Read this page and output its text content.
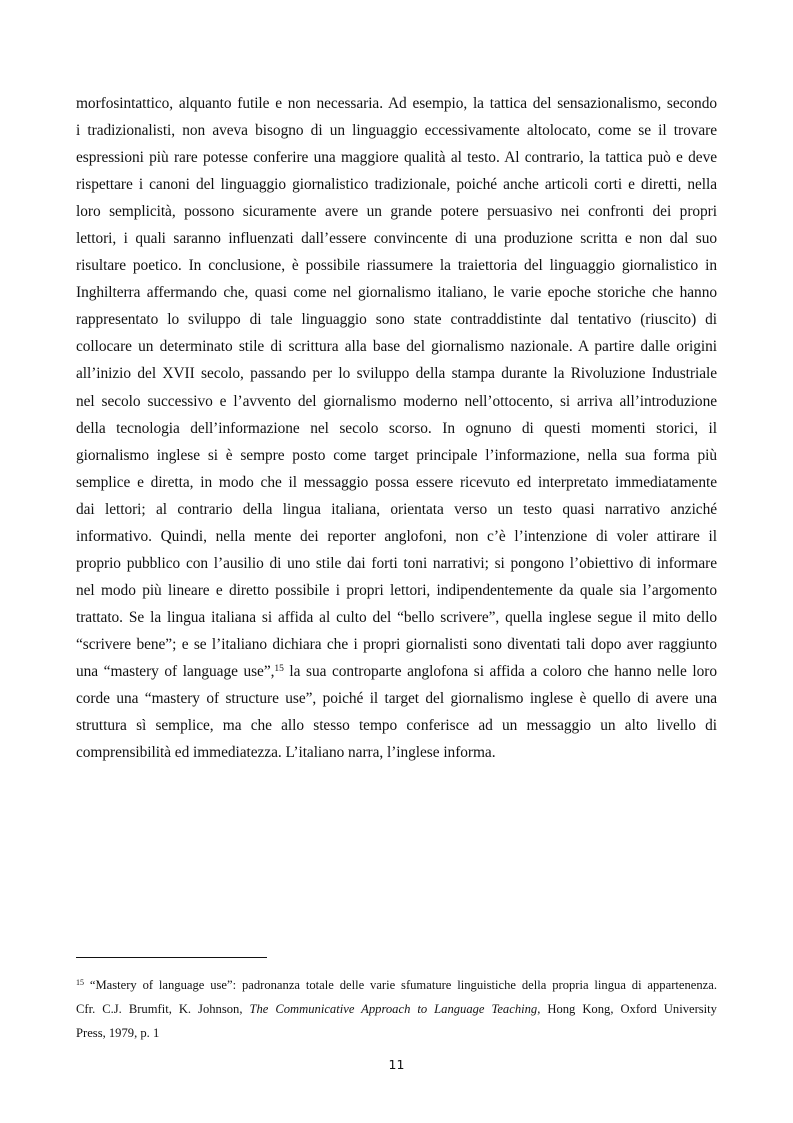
morfosintattico, alquanto futile e non necessaria. Ad esempio, la tattica del sensazionalismo, secondo
i tradizionalisti, non aveva bisogno di un linguaggio eccessivamente altolocato, come se il trovare
espressioni più rare potesse conferire una maggiore qualità al testo. Al contrario, la tattica può e deve
rispettare i canoni del linguaggio giornalistico tradizionale, poiché anche articoli corti e diretti, nella
loro semplicità, possono sicuramente avere un grande potere persuasivo nei confronti dei propri
lettori, i quali saranno influenzati dall’essere convincente di una produzione scritta e non dal suo
risultare poetico. In conclusione, è possibile riassumere la traiettoria del linguaggio giornalistico in
Inghilterra affermando che, quasi come nel giornalismo italiano, le varie epoche storiche che hanno
rappresentato lo sviluppo di tale linguaggio sono state contraddistinte dal tentativo (riuscito) di
collocare un determinato stile di scrittura alla base del giornalismo nazionale. A partire dalle origini
all’inizio del XVII secolo, passando per lo sviluppo della stampa durante la Rivoluzione Industriale
nel secolo successivo e l’avvento del giornalismo moderno nell’ottocento, si arriva all’introduzione
della tecnologia dell’informazione nel secolo scorso. In ognuno di questi momenti storici, il
giornalismo inglese si è sempre posto come target principale l’informazione, nella sua forma più
semplice e diretta, in modo che il messaggio possa essere ricevuto ed interpretato immediatamente
dai lettori; al contrario della lingua italiana, orientata verso un testo quasi narrativo anziché
informativo. Quindi, nella mente dei reporter anglofoni, non c’è l’intenzione di voler attirare il
proprio pubblico con l’ausilio di uno stile dai forti toni narrativi; si pongono l’obiettivo di informare
nel modo più lineare e diretto possibile i propri lettori, indipendentemente da quale sia l’argomento
trattato. Se la lingua italiana si affida al culto del “bello scrivere”, quella inglese segue il mito dello
“scrivere bene”; e se l’italiano dichiara che i propri giornalisti sono diventati tali dopo aver raggiunto
una “mastery of language use”,$^{15}$ la sua controparte anglofona si affida a coloro che hanno nelle loro
corde una “mastery of structure use”, poiché il target del giornalismo inglese è quello di avere una
struttura sì semplice, ma che allo stesso tempo conferisce ad un messaggio un alto livello di
comprensibilità ed immediatezza. L’italiano narra, l’inglese informa.
$^{15}$ “Mastery of language use”: padronanza totale delle varie sfumature linguistiche della propria lingua di appartenenza.
Cfr. C.J. Brumfit, K. Johnson, The Communicative Approach to Language Teaching, Hong Kong, Oxford University
Press, 1979, p. 1
11
